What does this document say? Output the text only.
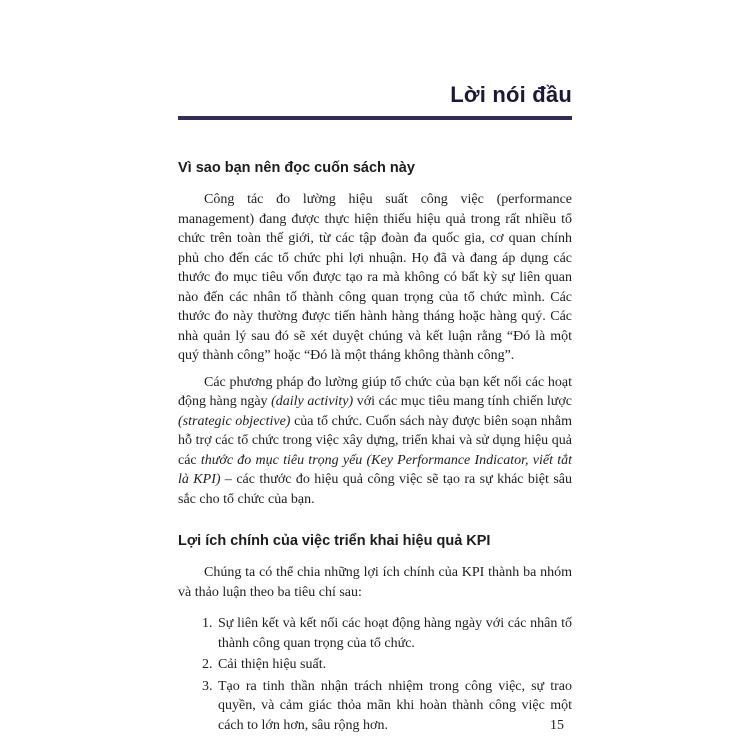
Lời nói đầu
Vì sao bạn nên đọc cuốn sách này

Công tác đo lường hiệu suất công việc (performance management) đang được thực hiện thiếu hiệu quả trong rất nhiều tổ chức trên toàn thế giới, từ các tập đoàn đa quốc gia, cơ quan chính phủ cho đến các tổ chức phi lợi nhuận. Họ đã và đang áp dụng các thước đo mục tiêu vốn được tạo ra mà không có bất kỳ sự liên quan nào đến các nhân tố thành công quan trọng của tổ chức mình. Các thước đo này thường được tiến hành hàng tháng hoặc hàng quý. Các nhà quản lý sau đó sẽ xét duyệt chúng và kết luận rằng “Đó là một quý thành công” hoặc “Đó là một tháng không thành công”.

Các phương pháp đo lường giúp tổ chức của bạn kết nối các hoạt động hàng ngày (daily activity) với các mục tiêu mang tính chiến lược (strategic objective) của tổ chức. Cuốn sách này được biên soạn nhằm hỗ trợ các tổ chức trong việc xây dựng, triển khai và sử dụng hiệu quả các thước đo mục tiêu trọng yếu (Key Performance Indicator, viết tắt là KPI) – các thước đo hiệu quả công việc sẽ tạo ra sự khác biệt sâu sắc cho tổ chức của bạn.

Lợi ích chính của việc triển khai hiệu quả KPI

Chúng ta có thể chia những lợi ích chính của KPI thành ba nhóm và thảo luận theo ba tiêu chí sau:

1. Sự liên kết và kết nối các hoạt động hàng ngày với các nhân tố thành công quan trọng của tổ chức.
2. Cải thiện hiệu suất.
3. Tạo ra tinh thần nhận trách nhiệm trong công việc, sự trao quyền, và cảm giác thỏa mãn khi hoàn thành công việc một cách to lớn hơn, sâu rộng hơn.	15
